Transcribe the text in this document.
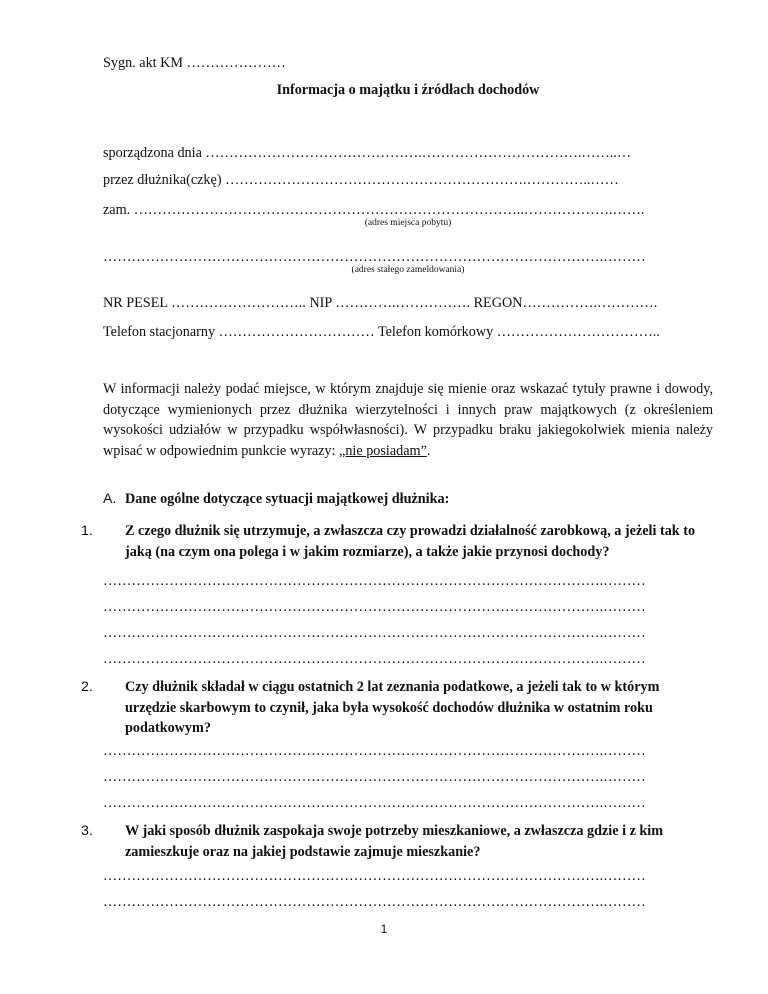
Sygn. akt KM …………………
Informacja o majątku i źródłach dochodów
sporządzona dnia ……………………………………….…………………………….……..…
przez dłużnika(czkę) ……………………………………………………….…………..……
zam. ………………………………………………………………………..……………….…….
(adres miejsca pobytu)
…………………………………………………………………………………………….………
(adres stałego zameldowania)
NR PESEL ……………………….. NIP ………….……………. REGON…………….………….
Telefon stacjonarny …………………………… Telefon komórkowy ……………………………..
W informacji należy podać miejsce, w którym znajduje się mienie oraz wskazać tytuły prawne i dowody, dotyczące wymienionych przez dłużnika wierzytelności i innych praw majątkowych (z określeniem wysokości udziałów w przypadku współwłasności). W przypadku braku jakiegokolwiek mienia należy wpisać w odpowiednim punkcie wyrazy: „nie posiadam”.
A. Dane ogólne dotyczące sytuacji majątkowej dłużnika:
1. Z czego dłużnik się utrzymuje, a zwłaszcza czy prowadzi działalność zarobkową, a jeżeli tak to jaką (na czym ona polega i w jakim rozmiarze), a także jakie przynosi dochody?
…………………………………………………………………………………………….………
…………………………………………………………………………………………….………
…………………………………………………………………………………………….………
…………………………………………………………………………………………….………
2. Czy dłużnik składał w ciągu ostatnich 2 lat zeznania podatkowe, a jeżeli tak to w którym urzędzie skarbowym to czynił, jaka była wysokość dochodów dłużnika w ostatnim roku podatkowym?
…………………………………………………………………………………………….………
…………………………………………………………………………………………….………
…………………………………………………………………………………………….………
3. W jaki sposób dłużnik zaspokaja swoje potrzeby mieszkaniowe, a zwłaszcza gdzie i z kim zamieszkuje oraz na jakiej podstawie zajmuje mieszkanie?
…………………………………………………………………………………………….………
…………………………………………………………………………………………….………
1
